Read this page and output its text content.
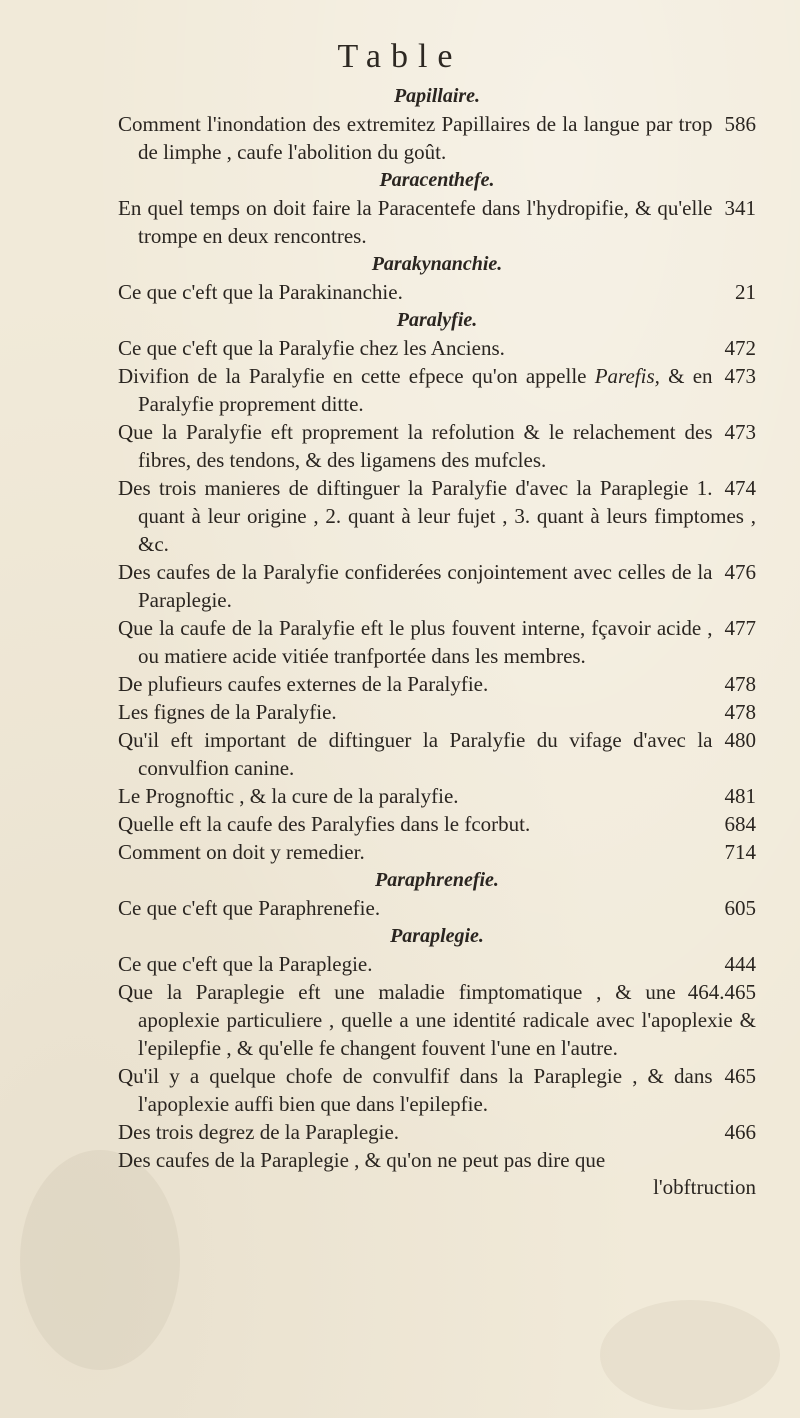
Table
Papillaire.
586
Comment l'inondation des extremitez Papillaires de la langue par trop de limphe , caufe l'abolition du goût.
Paracenthefe.
341
En quel temps on doit faire la Paracentefe dans l'hydropifie, & qu'elle trompe en deux rencontres.
Parakynanchie.
21
Ce que c'eft que la Parakinanchie.
Paralyfie.
472
Ce que c'eft que la Paralyfie chez les Anciens.
473
Divifion de la Paralyfie en cette efpece qu'on appelle Parefis, & en Paralyfie proprement ditte.
473
Que la Paralyfie eft proprement la refolution & le relachement des fibres, des tendons, & des ligamens des mufcles.
474
Des trois manieres de diftinguer la Paralyfie d'avec la Paraplegie 1. quant à leur origine , 2. quant à leur fujet , 3. quant à leurs fimptomes , &c.
476
Des caufes de la Paralyfie confiderées conjointement avec celles de la Paraplegie.
477
Que la caufe de la Paralyfie eft le plus fouvent interne, fçavoir acide , ou matiere acide vitiée tranfportée dans les membres.
478
De plufieurs caufes externes de la Paralyfie.
478
Les fignes de la Paralyfie.
480
Qu'il eft important de diftinguer la Paralyfie du vifage d'avec la convulfion canine.
481
Le Prognoftic , & la cure de la paralyfie.
684
Quelle eft la caufe des Paralyfies dans le fcorbut.
714
Comment on doit y remedier.
Paraphrenefie.
605
Ce que c'eft que Paraphrenefie.
Paraplegie.
444
Ce que c'eft que la Paraplegie.
464.465
Que la Paraplegie eft une maladie fimptomatique , & une apoplexie particuliere , quelle a une identité radicale avec l'apoplexie & l'epilepfie , & qu'elle fe changent fouvent l'une en l'autre.
465
Qu'il y a quelque chofe de convulfif dans la Paraplegie , & dans l'apoplexie auffi bien que dans l'epilepfie.
466
Des trois degrez de la Paraplegie.
Des caufes de la Paraplegie , & qu'on ne peut pas dire que
l'obftruction
